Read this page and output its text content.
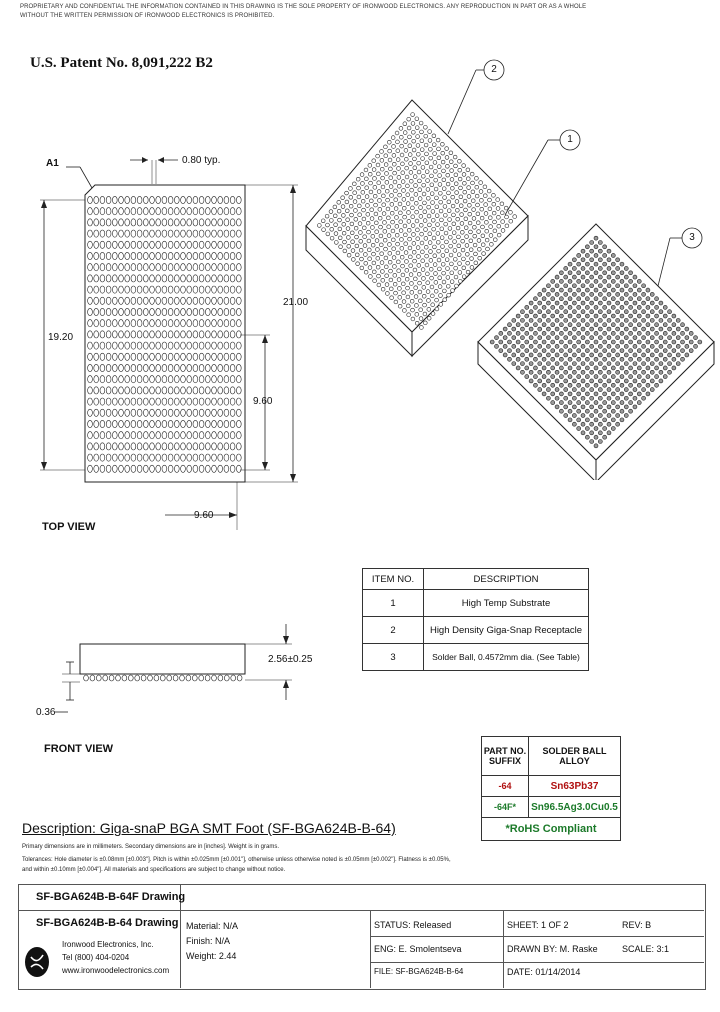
PROPRIETARY AND CONFIDENTIAL THE INFORMATION CONTAINED IN THIS DRAWING IS THE SOLE PROPERTY OF IRONWOOD ELECTRONICS. ANY REPRODUCTION IN PART OR AS A WHOLE
WITHOUT THE WRITTEN PERMISSION OF IRONWOOD ELECTRONICS IS PROHIBITED.
U.S. Patent No. 8,091,222 B2
A1	0.80 typ.
19.20
21.00
9.60
9.60
TOP VIEW
2
1
3
ITEM NO.	DESCRIPTION
1	High Temp Substrate
2	High Density Giga-Snap Receptacle
3	Solder Ball, 0.4572mm dia. (See Table)
2.56±0.25
0.36
FRONT VIEW	PART NO. SUFFIX	SOLDER BALL ALLOY
-64	Sn63Pb37
-64F*	Sn96.5Ag3.0Cu0.5
*RoHS Compliant	
Description: Giga-snaP BGA SMT Foot (SF-BGA624B-B-64)
Primary dimensions are in millimeters. Secondary dimensions are in [inches]. Weight is in grams.
Tolerances: Hole diameter is ±0.08mm [±0.003"]. Pitch is within ±0.025mm [±0.001"], otherwise unless otherwise noted is ±0.05mm [±0.002"]. Flatness is ±0.05%,
and within ±0.10mm [±0.004"]. All materials and specifications are subject to change without notice.
SF-BGA624B-B-64F Drawing
SF-BGA624B-B-64 Drawing
Ironwood Electronics, Inc.
Tel (800) 404-0204
www.ironwoodelectronics.com
Material: N/A
Finish: N/A
Weight: 2.44
STATUS: Released
ENG: E. Smolentseva
FILE: SF-BGA624B-B-64
SHEET: 1 OF 2
DRAWN BY: M. Raske
DATE: 01/14/2014
REV: B
SCALE: 3:1
